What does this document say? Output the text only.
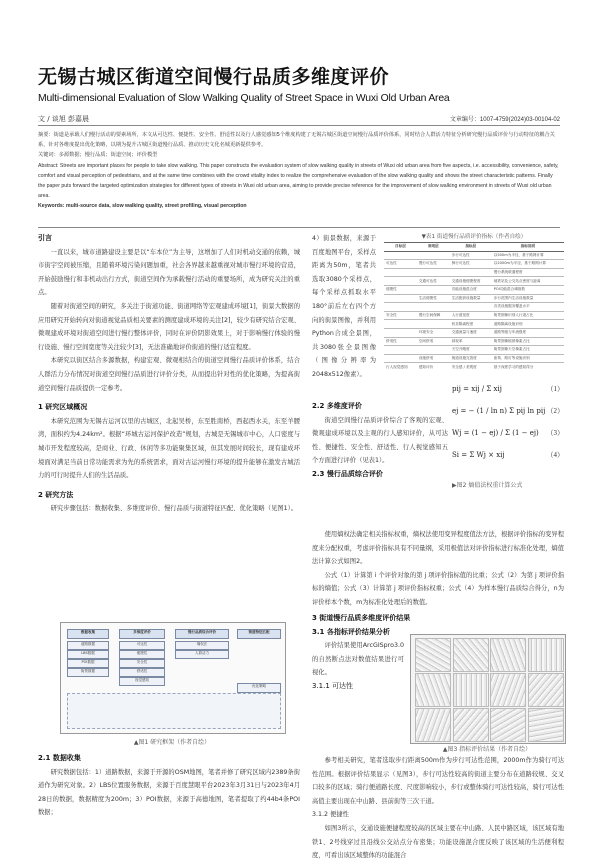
无锡古城区街道空间慢行品质多维度评价
Multi-dimensional Evaluation of Slow Walking Quality of Street Space in Wuxi Old Urban Area
文 / 谈旭 彭嘉晨	文章编号：1007-4759(2024)03-00104-02
摘要：街道是承载人们慢行活动的要素场所，本文从可达性、便捷性、安全性、舒适性以及行人感觉感知5个维度构建了无锡古城区街道空间慢行品质评价体系，同时结合人群活力特征分析研究慢行品质评价与行动特征的耦合关系，针对各维度提出优化策略，以期为提升古城区街道慢行品质、推动历史文化名城更新提供参考。
关键词：多源数据；慢行品质；街道空间；评价模型
Abstract: Streets are important places for people to take slow walking. This paper constructs the evaluation system of slow walking quality in streets of Wuxi old urban area from five aspects, i.e. accessibility, convenience, safety, comfort and visual perception of pedestrians, and at the same time combines with the crowd vitality index to realize the comprehensive evaluation of the slow walking quality and shows the street characteristic patterns. Finally the paper puts forward the targeted optimization strategies for different types of streets in Wuxi old urban area, aiming to provide precise reference for the improvement of slow walking environment in streets of Wuxi old urban area.
Keywords: multi-source data, slow walking quality, street profiling, visual perception
引言

一直以来，城市道路建设主要是以“车本位”为主导，这增加了人们对机动交通的依赖，城市街宇空间被压缩，且随着环境污染问题加重，社会各界越来越重视对城市慢行环境的营造，开始鼓励慢行和非机动出行方式，街道空间作为承载慢行活动的重要场所，成为研究关注的重点。

随着对街道空间的研究，多关注于街道功能、街道网络等宏观建成环境[1]，街景大数据的应用研究开始转向对街道视觉品质相关要素的测度建成环境的关注[2]，较少有研究结合宏观、微观建成环境对街道空间进行慢行整体评价，同时在评价阴影效果上，对于影响慢行体验的慢行设施、慢行空间宽度等关注较少[3]，无法准确地评价街道的慢行适宜程度。

本研究以街区结合多源数据，构建宏观、微观相结合的街道空间慢行品质评价体系，结合人群活力分布情况对街道空间慢行品质进行评价分类，从而提出针对性的优化策略，为提高街道空间慢行品质提供一定参考。

1 研究区域概况

本研究范围为无锡古运河以里的古城区，北起吴桥，东至胜南桥，西起西水关，东至羊腰湾，面积约为4.24km²。根据“环城古运河保护改造”规划，古城是无锡城市中心，人口密度与城市开发程度较高，是商业、行政、休闲等多功能聚集区域，但其发展时间较长，现有建成环境面对满足当前日常功能需求为先的系统需求，面对古运河慢行环境的提升能够在激发古城活力的可行时提升人们的生活品质。

2 研究方法

研究步骤包括：数据收集、多维度评价、慢行品质与街道特征匹配、优化策略（见图1）。

数据收集
道路数据
LBS数据
POI数据
街景数据
多维度评价
可达性
便捷性
安全性
舒适性
视觉感知
慢行品质综合评价
熵权法
人群活力
街道特征匹配
优化策略
▲图1 研究框架（作者自绘）
2.1 数据收集

研究数据包括：1）道路数据，来源于开源的OSM地图，笔者并修了研究区域内2389条街道作为研究对象。2）LBS位置服务数据，来源于百度慧眼平台2023年3月31日与2023年4月28日的数据，数据精度为200m；3）POI数据，来源于高德地图，笔者提取了约44b4条POI数据；

4）街景数据，来源于百度地图平台，采样点距离为50m，笔者共选取3080个采样点，每个采样点抓取水平180°前后左右四个方向的街景图像，并利用Python合成全景图，共3080张全景图像（图像分辨率为2048x512像素）。

▼表1 街道慢行品质评价指标（作者自绘）
目标层	准则层	指标层	指标说明
		步行可达性	以500m为半径，基于路网计算
可达性	慢行可达性	骑行可达性	以2000m为半径，基于路网计算
			慢行系统联通程度
	交通可达性	交通设施便捷程度	地铁站及公交站点密度与距离
便捷性		功能设施混合度	POI功能混合熵指数
	生活便捷性	生活配套设施数量	步行范围内生活设施数量
			各类设施服务覆盖水平
安全性	慢行空间保障	人行道宽度	街景图像识别人行道占比
		机非隔离程度	道路隔离设施识别
	环境安全	交通流量与速度	道路等级与车流强度
舒适性	空间舒适	绿视率	街景图像植被像素占比
		天空开敞度	街景图像天空像素占比
	设施舒适	街道设施完善度	座椅、路灯等设施识别
行人视觉感知	感知评价	安全感 / 美观度	基于深度学习的感知得分
pij = xij / Σ xij	（1）
ej = − (1 / ln n) Σ pij ln pij （2）
Wj = (1 − ej) / Σ (1 − ej) （3）
Si = Σ Wj × xij	（4）
2.2 多维度评价

街道空间慢行品质评价综合了客观的宏观、微观建成环境以及主观的行人感知评价，从可达性、便捷性、安全性、舒适性、行人视觉感知五个方面进行评价（见表1）。

2.3 慢行品质综合评价

使用熵权法确定相关指标权重，熵权法使用变异程度值法方法，根据评价指标的变异程度来分配权重，考虑评价指标具有不同量纲，采用极值法对评价指标进行标准化处理，熵值法计算公式如图2。

公式（1）计算第 i 个评价对象的第 j 项评价指标值的比重；公式（2）为第 j 项评价指标的熵值；公式（3）计算第 j 项评价指标权重；公式（4）为样本慢行品质综合得分，n为评价样本个数，m为标准化处理后的数值。

▶图2 熵值法权重计算公式
3 街道慢行品质多维度评价结果
3.1 各指标评价结果分析

评价结果使用ArcGISpro3.0的自然断点法对数值结果进行可视化。

3.1.1 可达性
▲图3 指标评价结果（作者自绘）

参考相关研究，笔者选取步行距离500m作为步行可达性范围，2000m作为骑行可达性范围。根据评价结果显示（见图3），步行可达性较高的街道主要分布在道路较规、交叉口较多的区域；骑行便道路长度、尺度影响较小，步行或整体骑行可达性较高，骑行可达性高值主要出现在中山路、县前街等三次干道。

3.1.2 便捷性

如图3所示，交通设施便捷程度较高的区域主要在中山路、人民中路区域，该区域有地铁1、2号线穿过且沿线公交站点分布密集；功能设施混合度反映了该区域的生活便利程度，可看出该区域整体的功能混合
